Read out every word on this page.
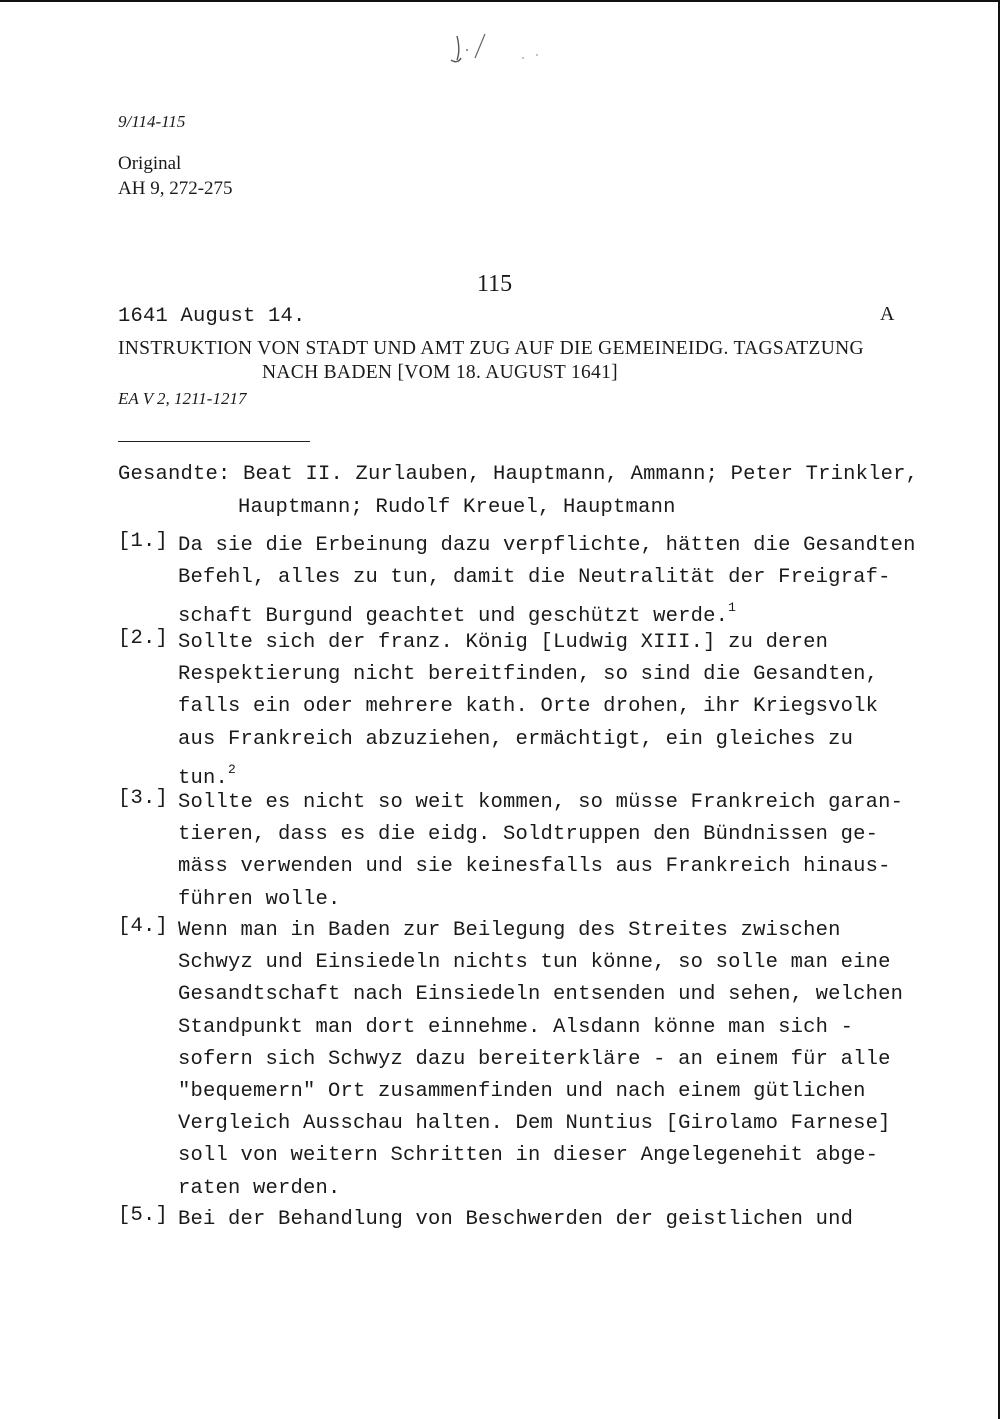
9/114-115
Original
AH 9, 272-275
115
1641 August 14.	A
INSTRUKTION VON STADT UND AMT ZUG AUF DIE GEMEINEIDG. TAGSATZUNG
NACH BADEN [VOM 18. AUGUST 1641]
EA V 2, 1211-1217
Gesandte: Beat II. Zurlauben, Hauptmann, Ammann; Peter Trinkler,
Hauptmann; Rudolf Kreuel, Hauptmann
[1.] Da sie die Erbeinung dazu verpflichte, hätten die Gesandten
Befehl, alles zu tun, damit die Neutralität der Freigraf-
schaft Burgund geachtet und geschützt werde.$^1$
[2.] Sollte sich der franz. König [Ludwig XIII.] zu deren
Respektierung nicht bereitfinden, so sind die Gesandten,
falls ein oder mehrere kath. Orte drohen, ihr Kriegsvolk
aus Frankreich abzuziehen, ermächtigt, ein gleiches zu
tun.$^2$
[3.] Sollte es nicht so weit kommen, so müsse Frankreich garan-
tieren, dass es die eidg. Soldtruppen den Bündnissen ge-
mäss verwenden und sie keinesfalls aus Frankreich hinaus-
führen wolle.
[4.] Wenn man in Baden zur Beilegung des Streites zwischen
Schwyz und Einsiedeln nichts tun könne, so solle man eine
Gesandtschaft nach Einsiedeln entsenden und sehen, welchen
Standpunkt man dort einnehme. Alsdann könne man sich -
sofern sich Schwyz dazu bereiterkläre - an einem für alle
"bequemern" Ort zusammenfinden und nach einem gütlichen
Vergleich Ausschau halten. Dem Nuntius [Girolamo Farnese]
soll von weitern Schritten in dieser Angelegenehit abge-
raten werden.
[5.] Bei der Behandlung von Beschwerden der geistlichen und
